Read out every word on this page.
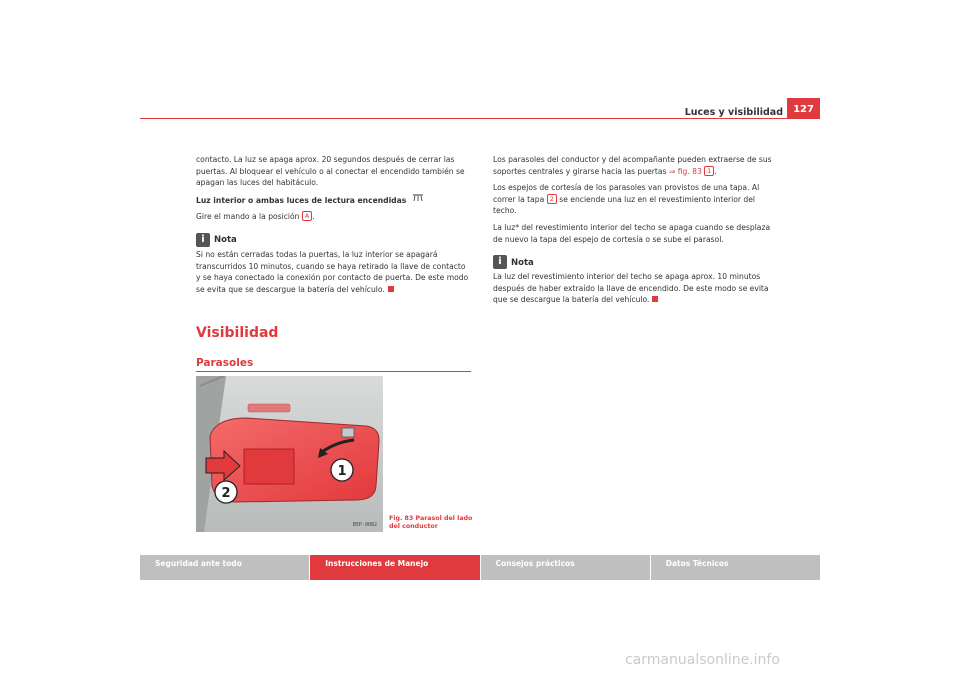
Luces y visibilidad	127

contacto. La luz se apaga aprox. 20 segundos después de cerrar las puertas. Al bloquear el vehículo o al conectar el encendido también se apagan las luces del habitáculo.

Luz interior o ambas luces de lectura encendidas

Gire el mando a la posición A .

i	Nota

Si no están cerradas todas la puertas, la luz interior se apagará transcurridos 10 minutos, cuando se haya retirado la llave de contacto y se haya conectado la conexión por contacto de puerta. De este modo se evita que se descargue la batería del vehículo.

Visibilidad
Parasoles
1
2
B5P-0082
Fig. 83 Parasol del lado del conductor

Los parasoles del conductor y del acompañante pueden extraerse de sus soportes centrales y girarse hacia las puertas ⇒ fig. 83 1 .

Los espejos de cortesía de los parasoles van provistos de una tapa. Al correr la tapa 2 se enciende una luz en el revestimiento interior del techo.

La luz* del revestimiento interior del techo se apaga cuando se desplaza de nuevo la tapa del espejo de cortesía o se sube el parasol.

i	Nota

La luz del revestimiento interior del techo se apaga aprox. 10 minutos después de haber extraído la llave de encendido. De este modo se evita que se descargue la batería del vehículo.

Seguridad ante todo	Instrucciones de Manejo	Consejos prácticos	Datos Técnicos
carmanualsonline.info
